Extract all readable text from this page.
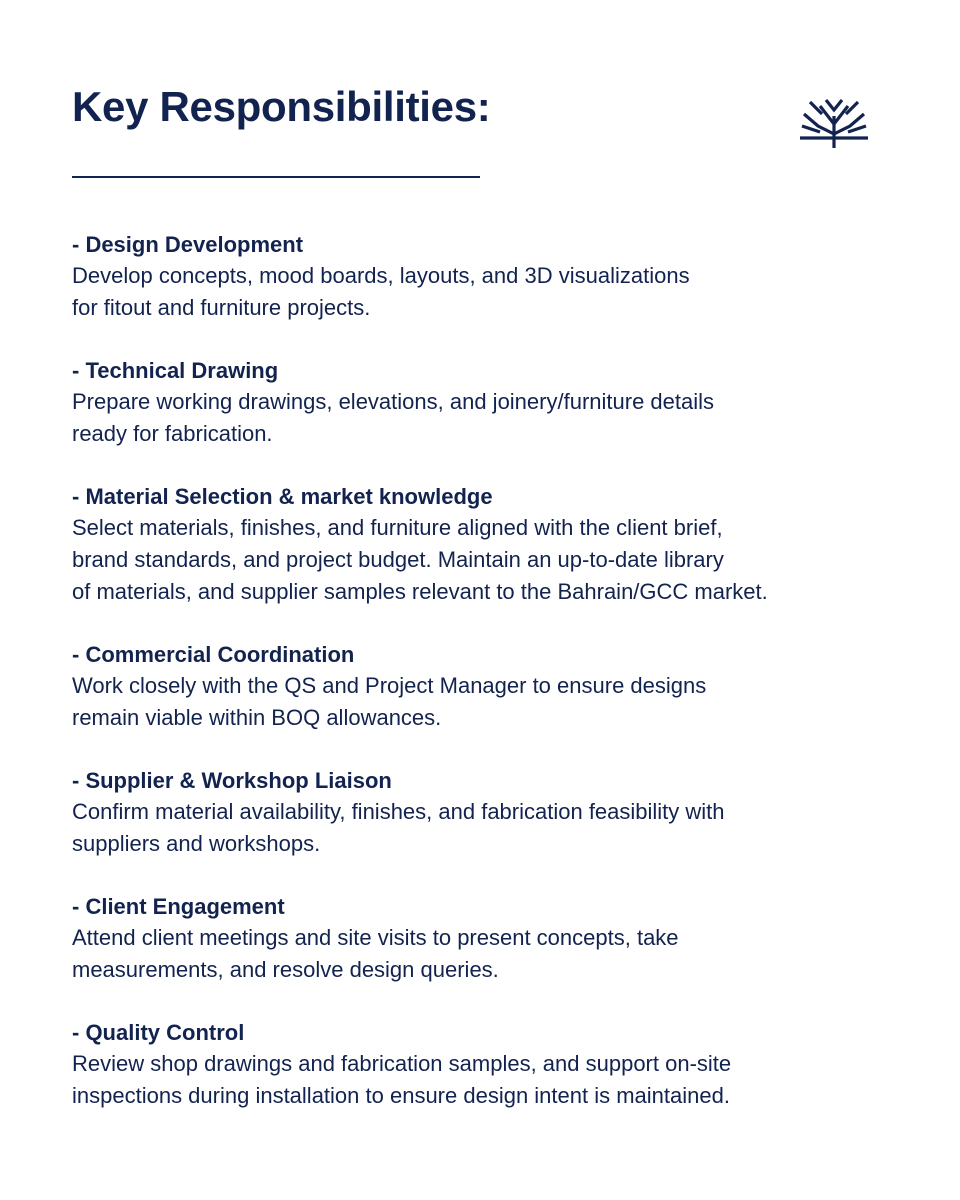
Key Responsibilities:
- Design Development
Develop concepts, mood boards, layouts, and 3D visualizations
for fitout and furniture projects.
- Technical Drawing
Prepare working drawings, elevations, and joinery/furniture details
ready for fabrication.
- Material Selection & market knowledge
Select materials, finishes, and furniture aligned with the client brief,
brand standards, and project budget. Maintain an up-to-date library
of materials, and supplier samples relevant to the Bahrain/GCC market.
- Commercial Coordination
Work closely with the QS and Project Manager to ensure designs
remain viable within BOQ allowances.
- Supplier & Workshop Liaison
Confirm material availability, finishes, and fabrication feasibility with
suppliers and workshops.
- Client Engagement
Attend client meetings and site visits to present concepts, take
measurements, and resolve design queries.
- Quality Control
Review shop drawings and fabrication samples, and support on-site
inspections during installation to ensure design intent is maintained.
